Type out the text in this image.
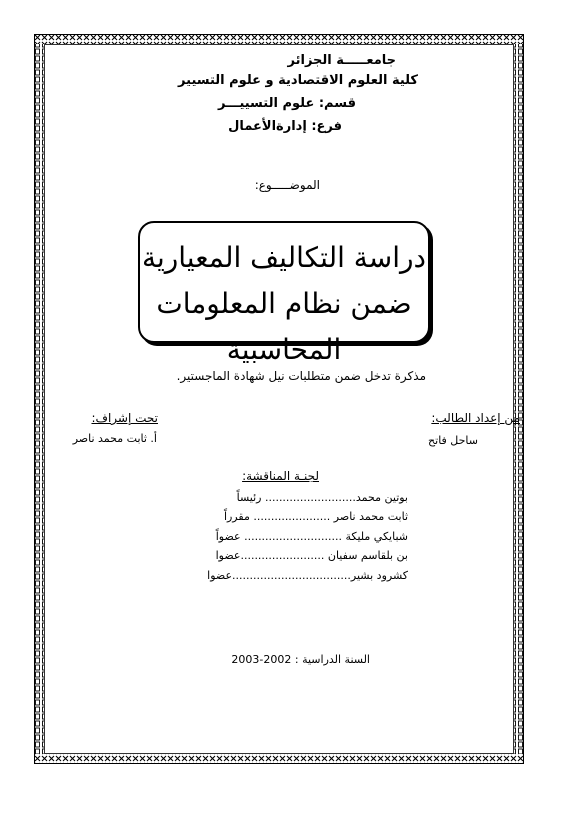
جامعـــــة الجزائر
كلية العلوم الاقتصادية و علوم التسيير
قسم: علوم التسييـــر
فرع: إدارةالأعمال
الموضـــــوع:
دراسة التكاليف المعيارية
ضمن نظام المعلومات المحاسبية
مذكرة تدخل ضمن متطلبات نيل شهادة الماجستير.
من إعداد الطالب:
ساحل فاتح
تحت إشراف:
أ. ثابت محمد ناصر
لجنـة المناقشة:
بوتين محمد.......................... رئيساً
ثابت محمد ناصر ...................... مقرراً
شبايكي مليكة ............................ عضواً
بن بلقاسم سفيان ........................عضوا
كشرود بشير..................................عضوا
السنة الدراسية : 2002-2003
